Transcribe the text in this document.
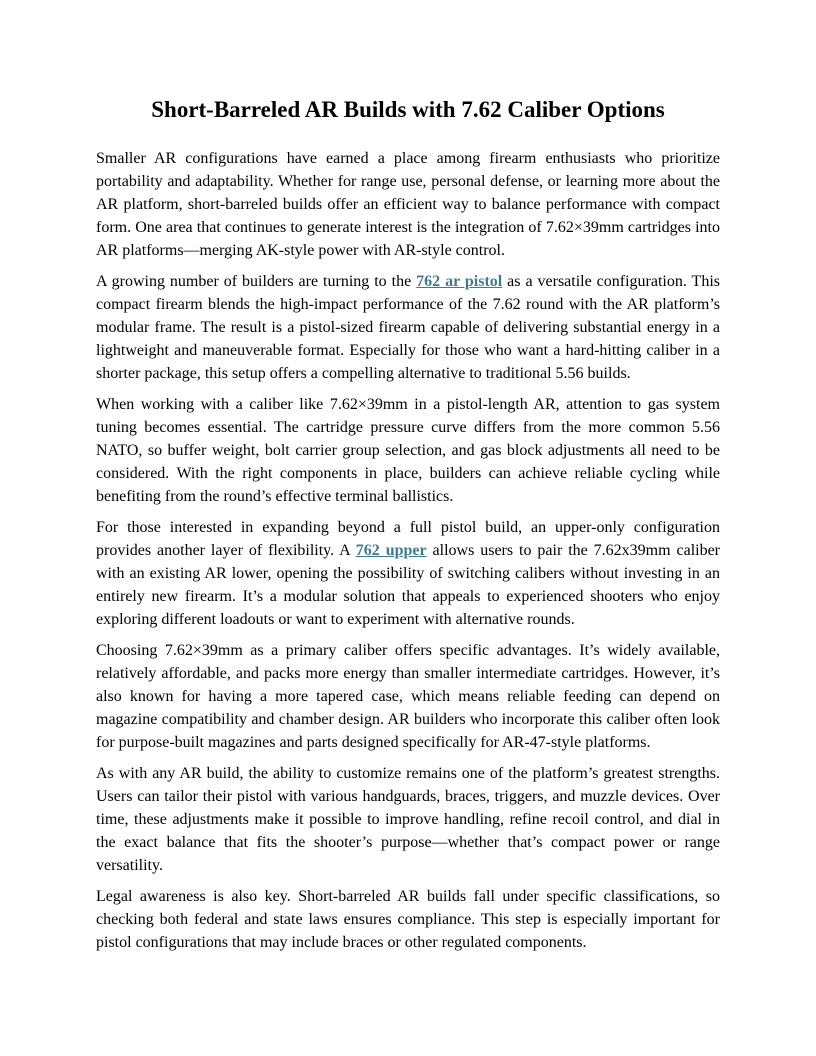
Short-Barreled AR Builds with 7.62 Caliber Options

Smaller AR configurations have earned a place among firearm enthusiasts who prioritize portability and adaptability. Whether for range use, personal defense, or learning more about the AR platform, short-barreled builds offer an efficient way to balance performance with compact form. One area that continues to generate interest is the integration of 7.62×39mm cartridges into AR platforms—merging AK-style power with AR-style control.

A growing number of builders are turning to the 762 ar pistol as a versatile configuration. This compact firearm blends the high-impact performance of the 7.62 round with the AR platform’s modular frame. The result is a pistol-sized firearm capable of delivering substantial energy in a lightweight and maneuverable format. Especially for those who want a hard-hitting caliber in a shorter package, this setup offers a compelling alternative to traditional 5.56 builds.

When working with a caliber like 7.62×39mm in a pistol-length AR, attention to gas system tuning becomes essential. The cartridge pressure curve differs from the more common 5.56 NATO, so buffer weight, bolt carrier group selection, and gas block adjustments all need to be considered. With the right components in place, builders can achieve reliable cycling while benefiting from the round’s effective terminal ballistics.

For those interested in expanding beyond a full pistol build, an upper-only configuration provides another layer of flexibility. A 762 upper allows users to pair the 7.62x39mm caliber with an existing AR lower, opening the possibility of switching calibers without investing in an entirely new firearm. It’s a modular solution that appeals to experienced shooters who enjoy exploring different loadouts or want to experiment with alternative rounds.

Choosing 7.62×39mm as a primary caliber offers specific advantages. It’s widely available, relatively affordable, and packs more energy than smaller intermediate cartridges. However, it’s also known for having a more tapered case, which means reliable feeding can depend on magazine compatibility and chamber design. AR builders who incorporate this caliber often look for purpose-built magazines and parts designed specifically for AR-47-style platforms.

As with any AR build, the ability to customize remains one of the platform’s greatest strengths. Users can tailor their pistol with various handguards, braces, triggers, and muzzle devices. Over time, these adjustments make it possible to improve handling, refine recoil control, and dial in the exact balance that fits the shooter’s purpose—whether that’s compact power or range versatility.

Legal awareness is also key. Short-barreled AR builds fall under specific classifications, so checking both federal and state laws ensures compliance. This step is especially important for pistol configurations that may include braces or other regulated components.
